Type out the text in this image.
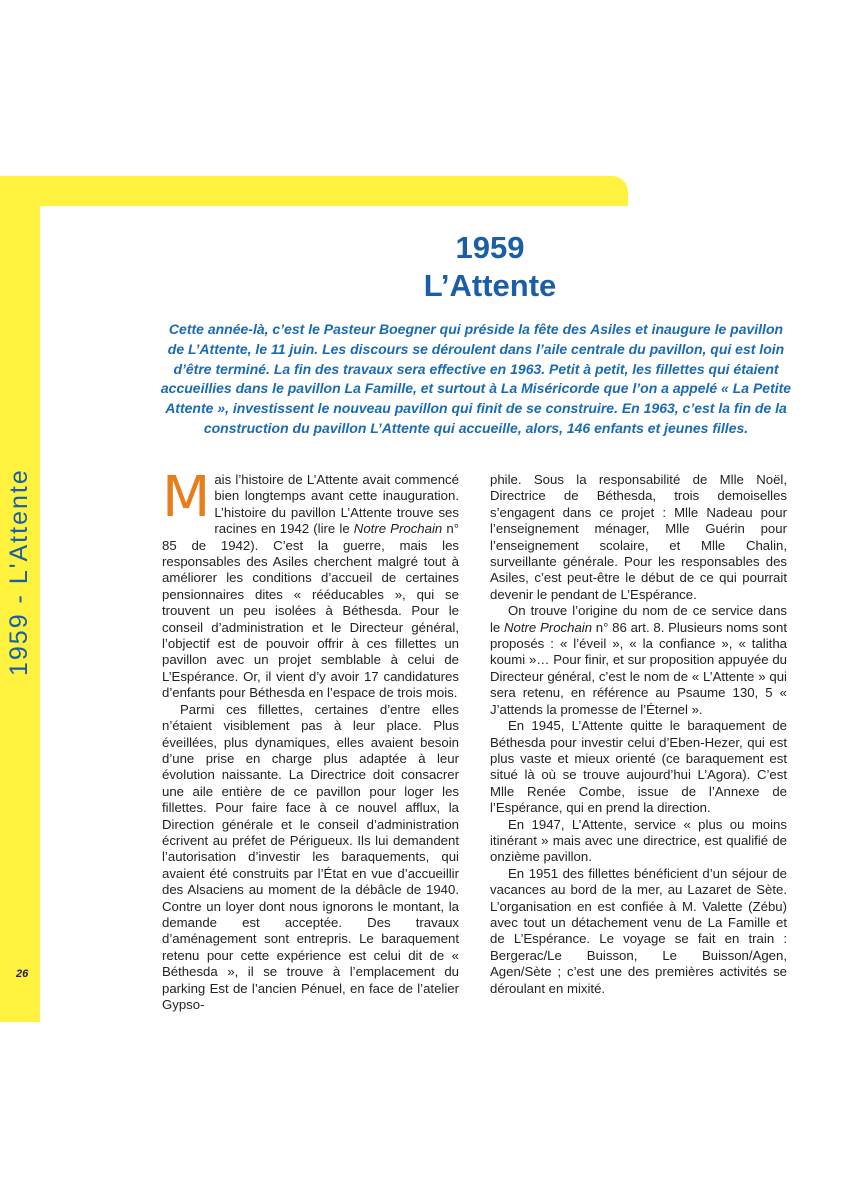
26
1959
L’Attente

Cette année-là, c’est le Pasteur Boegner qui préside la fête des Asiles et inaugure le pavillon de L’Attente, le 11 juin. Les discours se déroulent dans l’aile centrale du pavillon, qui est loin d’être terminé. La fin des travaux sera effective en 1963. Petit à petit, les fillettes qui étaient accueillies dans le pavillon La Famille, et surtout à La Miséricorde que l’on a appelé « La Petite Attente », investissent le nouveau pavillon qui finit de se construire. En 1963, c’est la fin de la construction du pavillon L’Attente qui accueille, alors, 146 enfants et jeunes filles.

Mais l’histoire de L’Attente avait commencé bien longtemps avant cette inauguration. L’histoire du pavillon L’Attente trouve ses racines en 1942 (lire le Notre Prochain n° 85 de 1942). C’est la guerre, mais les responsables des Asiles cherchent malgré tout à améliorer les conditions d’accueil de certaines pensionnaires dites « rééducables », qui se trouvent un peu isolées à Béthesda. Pour le conseil d’administration et le Directeur général, l’objectif est de pouvoir offrir à ces fillettes un pavillon avec un projet semblable à celui de L’Espérance. Or, il vient d’y avoir 17 candidatures d’enfants pour Béthesda en l’espace de trois mois.

Parmi ces fillettes, certaines d’entre elles n’étaient visiblement pas à leur place. Plus éveillées, plus dynamiques, elles avaient besoin d’une prise en charge plus adaptée à leur évolution naissante. La Directrice doit consacrer une aile entière de ce pavillon pour loger les fillettes. Pour faire face à ce nouvel afflux, la Direction générale et le conseil d’administration écrivent au préfet de Périgueux. Ils lui demandent l’autorisation d’investir les baraquements, qui avaient été construits par l’État en vue d’accueillir des Alsaciens au moment de la débâcle de 1940. Contre un loyer dont nous ignorons le montant, la demande est acceptée. Des travaux d’aménagement sont entrepris. Le baraquement retenu pour cette expérience est celui dit de « Béthesda », il se trouve à l’emplacement du parking Est de l’ancien Pénuel, en face de l’atelier Gypso-

phile. Sous la responsabilité de Mlle Noël, Directrice de Béthesda, trois demoiselles s’engagent dans ce projet : Mlle Nadeau pour l’enseignement ménager, Mlle Guérin pour l’enseignement scolaire, et Mlle Chalin, surveillante générale. Pour les responsables des Asiles, c’est peut-être le début de ce qui pourrait devenir le pendant de L’Espérance.

On trouve l’origine du nom de ce service dans le Notre Prochain n° 86 art. 8. Plusieurs noms sont proposés : « l’éveil », « la confiance », « talitha koumi »… Pour finir, et sur proposition appuyée du Directeur général, c’est le nom de « L’Attente » qui sera retenu, en référence au Psaume 130, 5 « J’attends la promesse de l’Éternel ».

En 1945, L’Attente quitte le baraquement de Béthesda pour investir celui d’Eben-Hezer, qui est plus vaste et mieux orienté (ce baraquement est situé là où se trouve aujourd’hui L’Agora). C’est Mlle Renée Combe, issue de l’Annexe de l’Espérance, qui en prend la direction.

En 1947, L’Attente, service « plus ou moins itinérant » mais avec une directrice, est qualifié de onzième pavillon.

En 1951 des fillettes bénéficient d’un séjour de vacances au bord de la mer, au Lazaret de Sète. L’organisation en est confiée à M. Valette (Zébu) avec tout un détachement venu de La Famille et de L’Espérance. Le voyage se fait en train : Bergerac/Le Buisson, Le Buisson/Agen, Agen/Sète ; c’est une des premières activités se déroulant en mixité.
